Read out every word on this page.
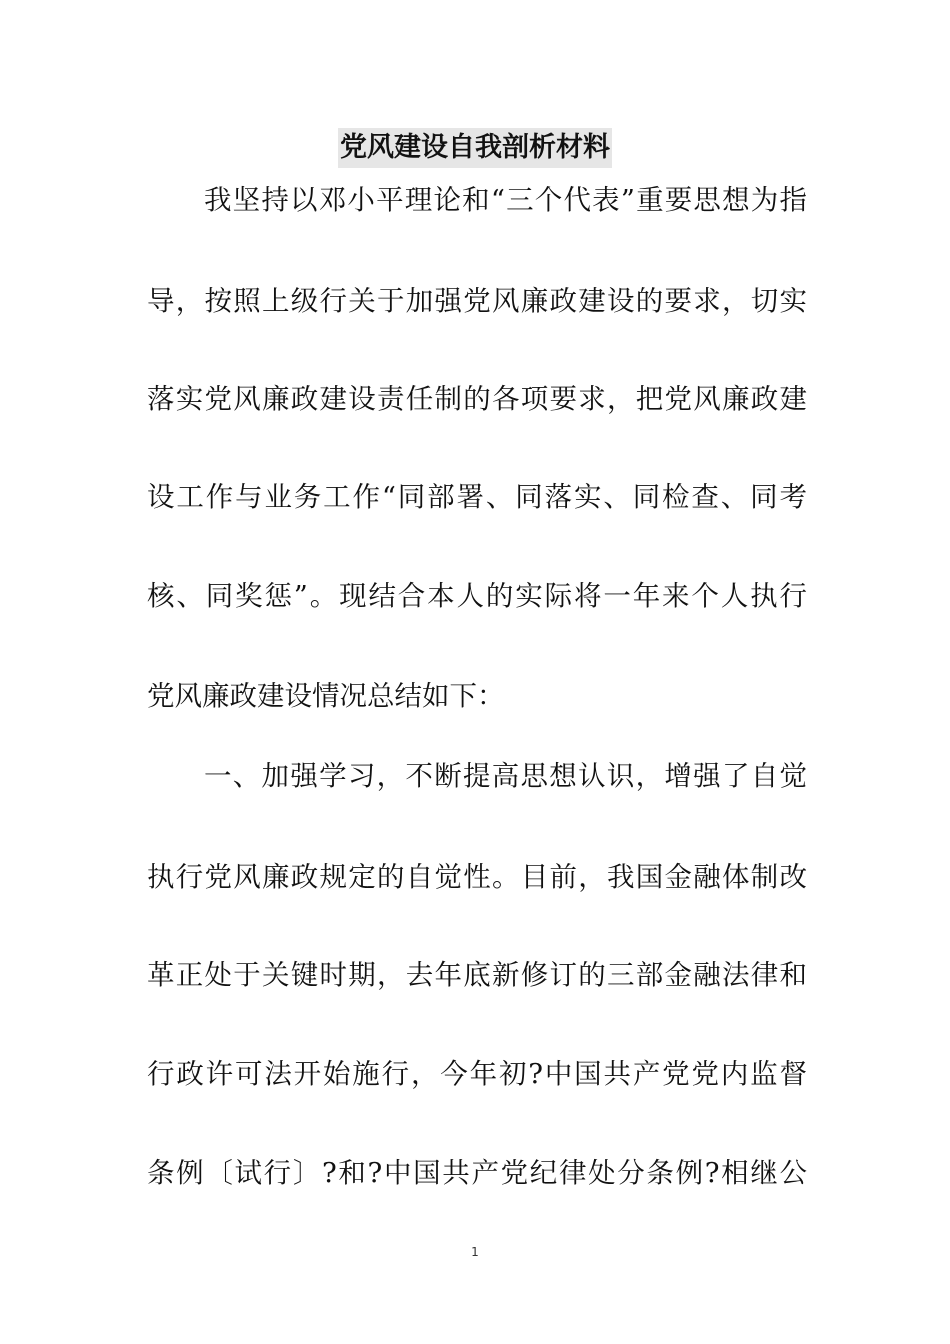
党风建设自我剖析材料
我坚持以邓小平理论和“三个代表”重要思想为指
导，按照上级行关于加强党风廉政建设的要求，切实
落实党风廉政建设责任制的各项要求，把党风廉政建
设工作与业务工作“同部署、同落实、同检查、同考
核、同奖惩”。现结合本人的实际将一年来个人执行
党风廉政建设情况总结如下：
一、加强学习，不断提高思想认识，增强了自觉
执行党风廉政规定的自觉性。目前，我国金融体制改
革正处于关键时期，去年底新修订的三部金融法律和
行政许可法开始施行，今年初?中国共产党党内监督
条例〔试行〕?和?中国共产党纪律处分条例?相继公
1
